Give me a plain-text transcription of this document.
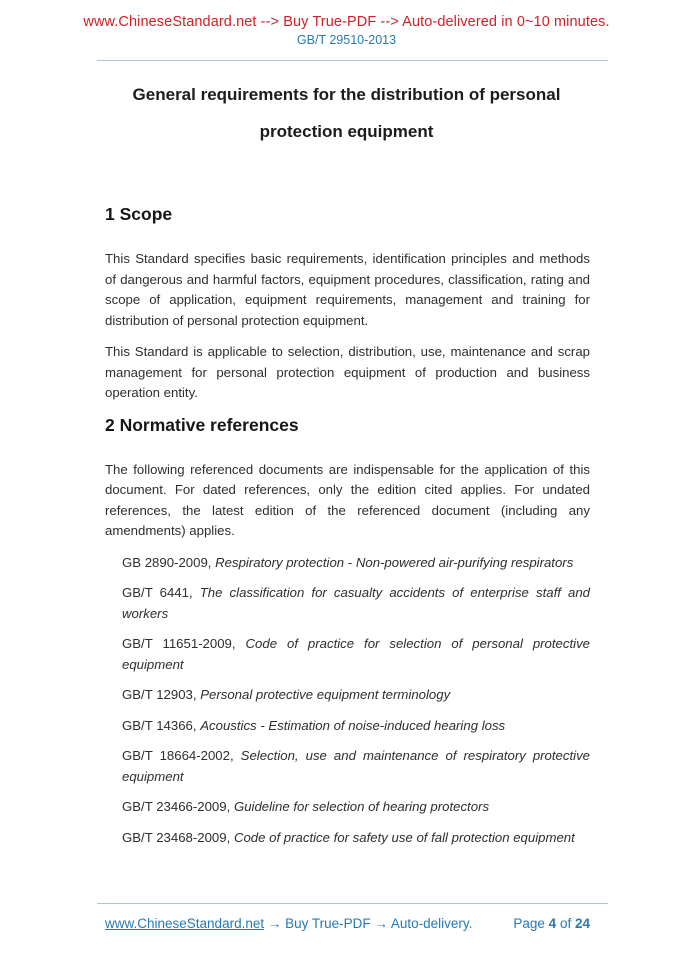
www.ChineseStandard.net --> Buy True-PDF --> Auto-delivered in 0~10 minutes.
GB/T 29510-2013
General requirements for the distribution of personal
protection equipment
1 Scope

This Standard specifies basic requirements, identification principles and methods of dangerous and harmful factors, equipment procedures, classification, rating and scope of application, equipment requirements, management and training for distribution of personal protection equipment.

This Standard is applicable to selection, distribution, use, maintenance and scrap management for personal protection equipment of production and business operation entity.

2 Normative references

The following referenced documents are indispensable for the application of this document. For dated references, only the edition cited applies. For undated references, the latest edition of the referenced document (including any amendments) applies.

GB 2890-2009, Respiratory protection - Non-powered air-purifying respirators

GB/T 6441, The classification for casualty accidents of enterprise staff and workers

GB/T 11651-2009, Code of practice for selection of personal protective equipment

GB/T 12903, Personal protective equipment terminology

GB/T 14366, Acoustics - Estimation of noise-induced hearing loss

GB/T 18664-2002, Selection, use and maintenance of respiratory protective equipment

GB/T 23466-2009, Guideline for selection of hearing protectors

GB/T 23468-2009, Code of practice for safety use of fall protection equipment

www.ChineseStandard.net → Buy True-PDF → Auto-delivery.	Page 4 of 24
